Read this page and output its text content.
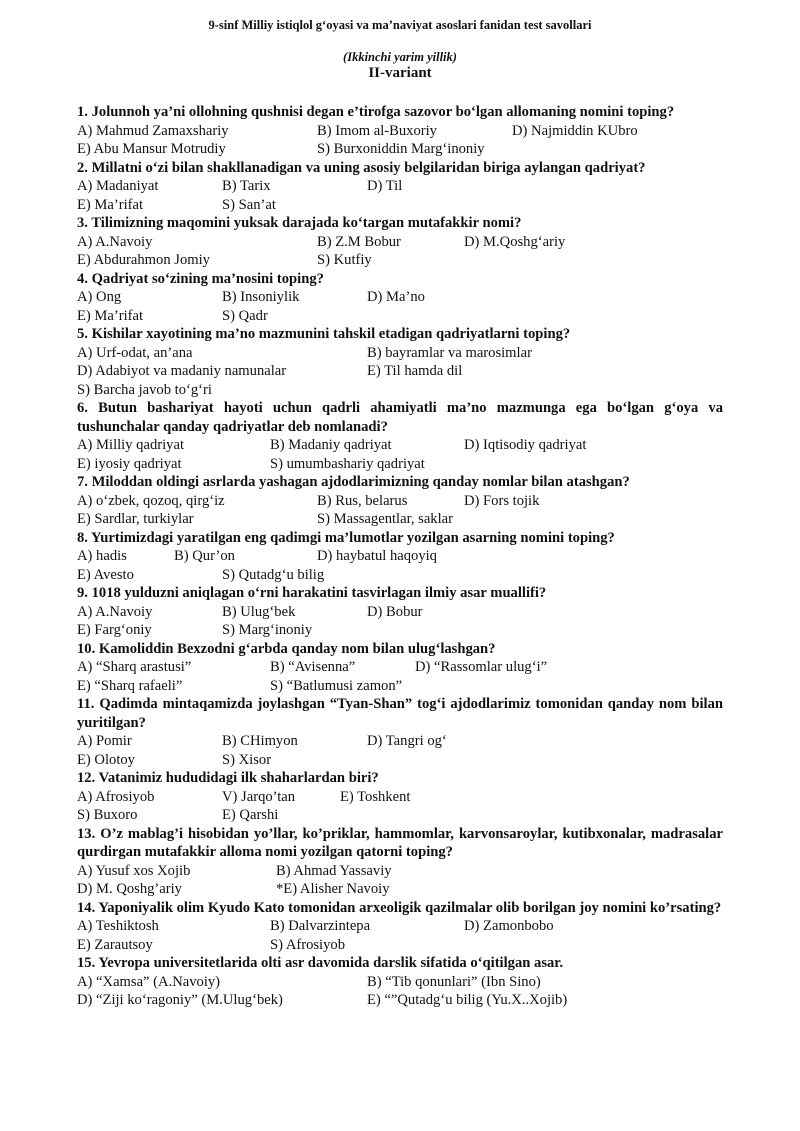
9-sinf Milliy istiqlol g‘oyasi va ma’naviyat asoslari fanidan test savollari
(Ikkinchi yarim yillik)
II-variant
1. Jolunnoh ya’ni ollohning qushnisi degan e’tirofga sazovor bo‘lgan allomaning nomini toping?
A) Mahmud Zamaxshariy	B) Imom al-Buxoriy	D) Najmiddin KUbro
E) Abu Mansur Motrudiy	S) Burxoniddin Marg‘inoniy
2. Millatni o‘zi bilan shakllanadigan va uning asosiy belgilaridan biriga aylangan qadriyat?
A) Madaniyat	B) Tarix	D) Til
E) Ma’rifat	S) San’at
3. Tilimizning maqomini yuksak darajada ko‘targan mutafakkir nomi?
A) A.Navoiy	B) Z.M Bobur	D) M.Qoshg‘ariy
E) Abdurahmon Jomiy	S) Kutfiy
4. Qadriyat so‘zining ma’nosini toping?
A) Ong	B) Insoniylik	D) Ma’no
E) Ma’rifat	S) Qadr
5. Kishilar xayotining ma’no mazmunini tahskil etadigan qadriyatlarni toping?
A) Urf-odat, an’ana	B) bayramlar va marosimlar
D) Adabiyot va madaniy namunalar	E) Til hamda dil
S) Barcha javob to‘g‘ri
6. Butun bashariyat hayoti uchun qadrli ahamiyatli ma’no mazmunga ega bo‘lgan g‘oya va tushunchalar qanday qadriyatlar deb nomlanadi?
A) Milliy qadriyat	B) Madaniy qadriyat	D) Iqtisodiy qadriyat
E) iyosiy qadriyat	S) umumbashariy qadriyat
7. Miloddan oldingi asrlarda yashagan ajdodlarimizning qanday nomlar bilan atashgan?
A) o‘zbek, qozoq, qirg‘iz	B) Rus, belarus	D) Fors tojik
E) Sardlar, turkiylar	S) Massagentlar, saklar
8. Yurtimizdagi yaratilgan eng qadimgi ma’lumotlar yozilgan asarning nomini toping?
A) hadis	B) Qur’on	D) haybatul haqoyiq
E) Avesto	S) Qutadg‘u bilig
9. 1018 yulduzni aniqlagan o‘rni harakatini tasvirlagan ilmiy asar muallifi?
A) A.Navoiy	B) Ulug‘bek	D) Bobur
E) Farg‘oniy	S) Marg‘inoniy
10. Kamoliddin Bexzodni g‘arbda qanday nom bilan ulug‘lashgan?
A) “Sharq arastusi”	B) “Avisenna”	D) “Rassomlar ulug‘i”
E) “Sharq rafaeli”	S) “Batlumusi zamon”
11. Qadimda mintaqamizda joylashgan “Tyan-Shan” tog‘i ajdodlarimiz tomonidan qanday nom bilan yuritilgan?
A) Pomir	B) CHimyon	D) Tangri og‘
E) Olotoy	S) Xisor
12. Vatanimiz hududidagi ilk shaharlardan biri?
A) Afrosiyob	V) Jarqo’tan	E) Toshkent
S) Buxoro	E) Qarshi
13. O’z mablag’i hisobidan yo’llar, ko’priklar, hammomlar, karvonsaroylar, kutibxonalar, madrasalar qurdirgan mutafakkir alloma nomi yozilgan qatorni toping?
A) Yusuf xos Xojib	B) Ahmad Yassaviy
D) M. Qoshg’ariy	*E) Alisher Navoiy
14. Yaponiyalik olim Kyudo Kato tomonidan arxeoligik qazilmalar olib borilgan joy nomini ko’rsating?
A) Teshiktosh	B) Dalvarzintepa	D) Zamonbobo
E) Zarautsoy	S) Afrosiyob
15. Yevropa universitetlarida olti asr davomida darslik sifatida o‘qitilgan asar.
A) “Xamsa” (A.Navoiy)	B) “Tib qonunlari” (Ibn Sino)
D) “Ziji ko‘ragoniy” (M.Ulug‘bek)	E) “”Qutadg‘u bilig (Yu.X..Xojib)
